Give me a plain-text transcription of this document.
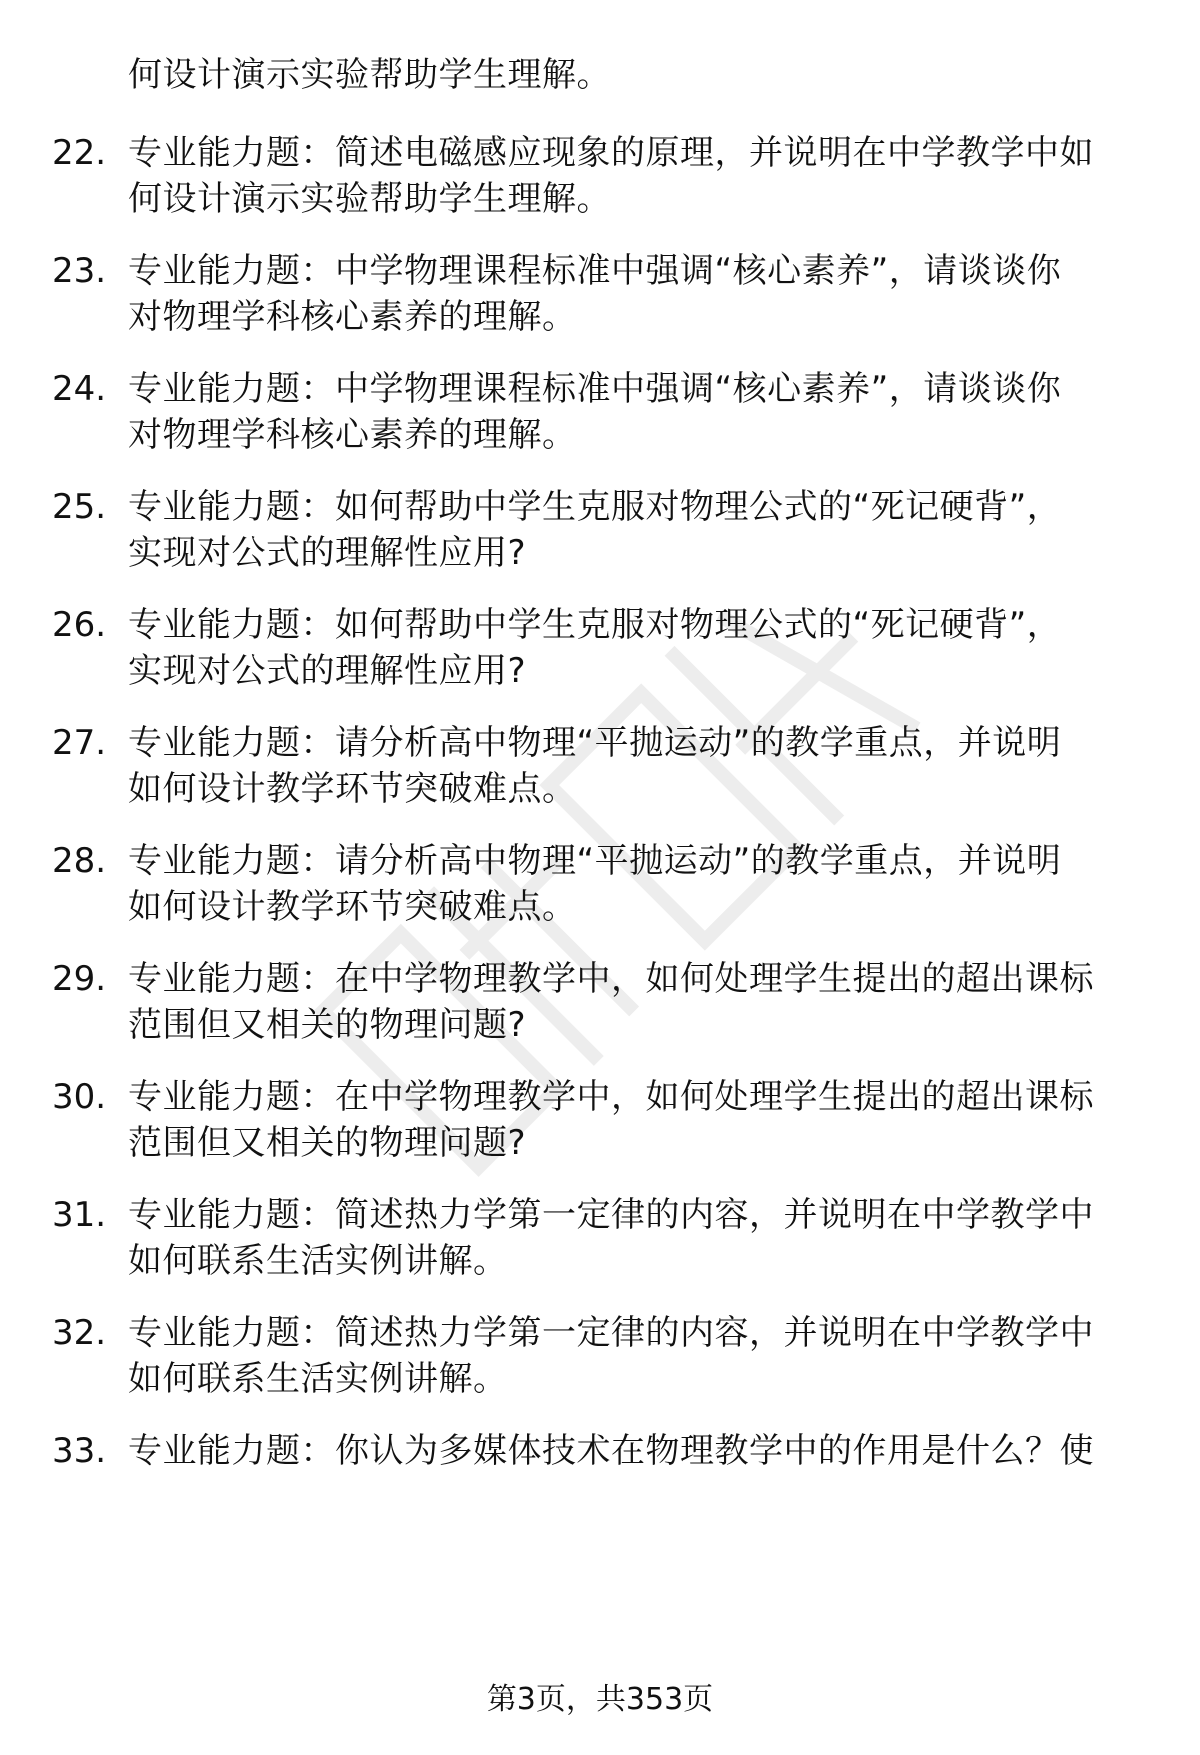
何设计演示实验帮助学生理解。
22. 专业能力题：简述电磁感应现象的原理，并说明在中学教学中如
何设计演示实验帮助学生理解。
23. 专业能力题：中学物理课程标准中强调“核心素养”，请谈谈你
对物理学科核心素养的理解。
24. 专业能力题：中学物理课程标准中强调“核心素养”，请谈谈你
对物理学科核心素养的理解。
25. 专业能力题：如何帮助中学生克服对物理公式的“死记硬背”，
实现对公式的理解性应用?
26. 专业能力题：如何帮助中学生克服对物理公式的“死记硬背”，
实现对公式的理解性应用?
27. 专业能力题：请分析高中物理“平抛运动”的教学重点，并说明
如何设计教学环节突破难点。
28. 专业能力题：请分析高中物理“平抛运动”的教学重点，并说明
如何设计教学环节突破难点。
29. 专业能力题：在中学物理教学中，如何处理学生提出的超出课标
范围但又相关的物理问题?
30. 专业能力题：在中学物理教学中，如何处理学生提出的超出课标
范围但又相关的物理问题?
31. 专业能力题：简述热力学第一定律的内容，并说明在中学教学中
如何联系生活实例讲解。
32. 专业能力题：简述热力学第一定律的内容，并说明在中学教学中
如何联系生活实例讲解。
33. 专业能力题：你认为多媒体技术在物理教学中的作用是什么？使
第3页，共353页
